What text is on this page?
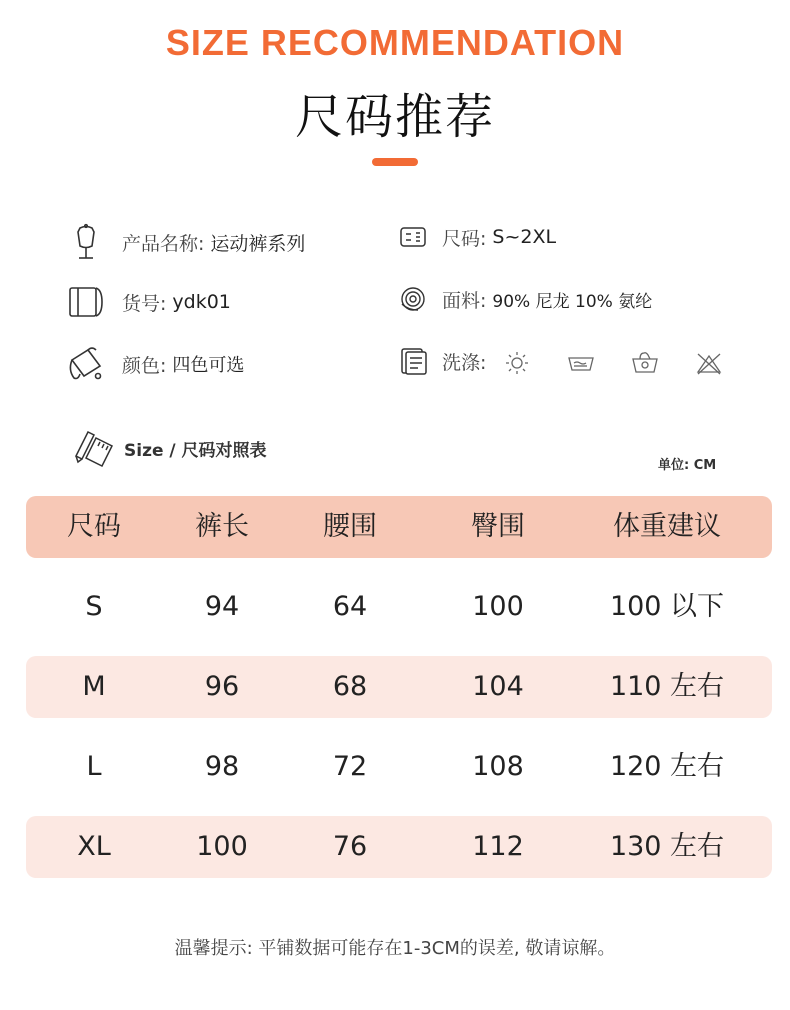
SIZE RECOMMENDATION
尺码推荐
产品名称: 运动裤系列	尺码: S~2XL
货号: ydk01	面料: 90% 尼龙 10% 氨纶
颜色: 四色可选	洗涤:
Size / 尺码对照表
单位: CM
尺码	裤长	腰围	臀围	体重建议
S	94	64	100	100 以下
M	96	68	104	110 左右
L	98	72	108	120 左右
XL	100	76	112	130 左右
温馨提示: 平铺数据可能存在1-3CM的误差, 敬请谅解。
